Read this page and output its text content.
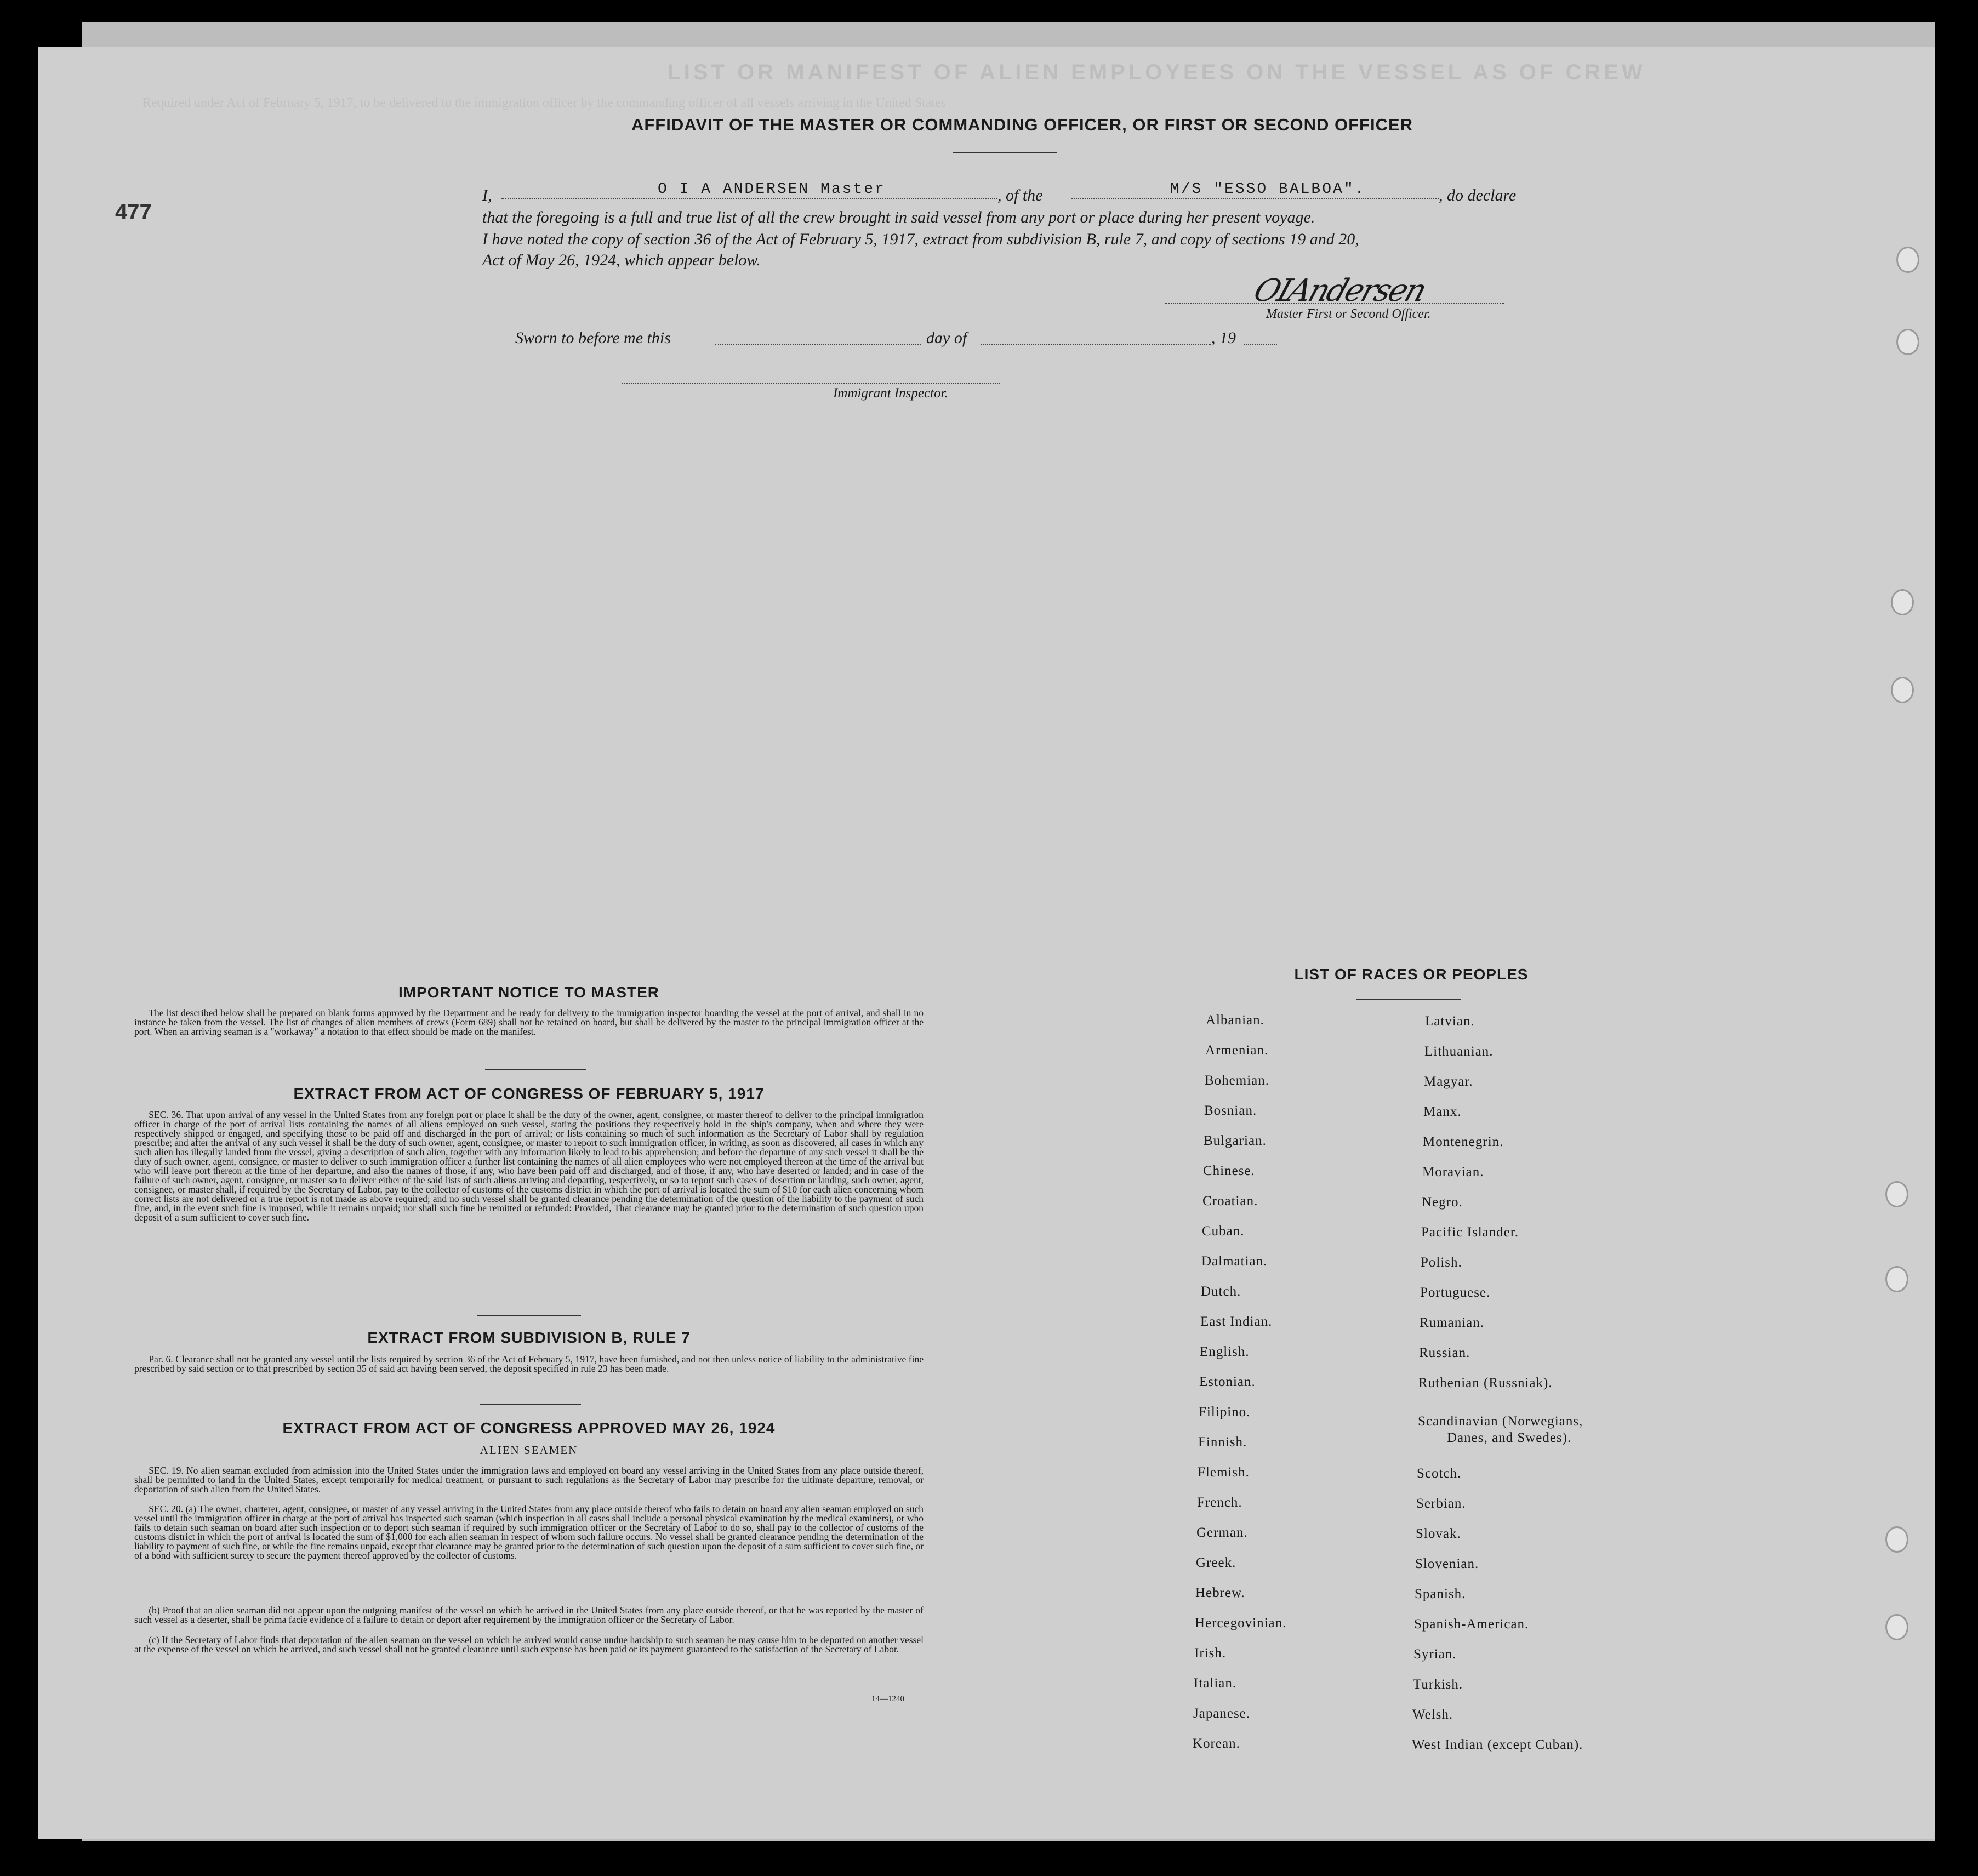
LIST OR MANIFEST OF ALIEN EMPLOYEES ON THE VESSEL AS OF CREW
Required under Act of February 5, 1917, to be delivered to the immigration officer by the commanding officer of all vessels arriving in the United States
477
AFFIDAVIT OF THE MASTER OR COMMANDING OFFICER, OR FIRST OR SECOND OFFICER
I,	O I A ANDERSEN Master	, of the	M/S "ESSO BALBOA".	, do declare
that the foregoing is a full and true list of all the crew brought in said vessel from any port or place during her present voyage.
I have noted the copy of section 36 of the Act of February 5, 1917, extract from subdivision B, rule 7, and copy of sections 19 and 20,
Act of May 26, 1924, which appear below.
OIAndersen
Master First or Second Officer.
Sworn to before me this	day of	, 19
Immigrant Inspector.
IMPORTANT NOTICE TO MASTER
The list described below shall be prepared on blank forms approved by the Department and be ready for delivery to the immigration inspector boarding the vessel at the port of arrival, and shall in no instance be taken from the vessel. The list of changes of alien members of crews (Form 689) shall not be retained on board, but shall be delivered by the master to the principal immigration officer at the port. When an arriving seaman is a "workaway" a notation to that effect should be made on the manifest.
EXTRACT FROM ACT OF CONGRESS OF FEBRUARY 5, 1917
SEC. 36. That upon arrival of any vessel in the United States from any foreign port or place it shall be the duty of the owner, agent, consignee, or master thereof to deliver to the principal immigration officer in charge of the port of arrival lists containing the names of all aliens employed on such vessel, stating the positions they respectively hold in the ship's company, when and where they were respectively shipped or engaged, and specifying those to be paid off and discharged in the port of arrival; or lists containing so much of such information as the Secretary of Labor shall by regulation prescribe; and after the arrival of any such vessel it shall be the duty of such owner, agent, consignee, or master to report to such immigration officer, in writing, as soon as discovered, all cases in which any such alien has illegally landed from the vessel, giving a description of such alien, together with any information likely to lead to his apprehension; and before the departure of any such vessel it shall be the duty of such owner, agent, consignee, or master to deliver to such immigration officer a further list containing the names of all alien employees who were not employed thereon at the time of the arrival but who will leave port thereon at the time of her departure, and also the names of those, if any, who have been paid off and discharged, and of those, if any, who have deserted or landed; and in case of the failure of such owner, agent, consignee, or master so to deliver either of the said lists of such aliens arriving and departing, respectively, or so to report such cases of desertion or landing, such owner, agent, consignee, or master shall, if required by the Secretary of Labor, pay to the collector of customs of the customs district in which the port of arrival is located the sum of $10 for each alien concerning whom correct lists are not delivered or a true report is not made as above required; and no such vessel shall be granted clearance pending the determination of the question of the liability to the payment of such fine, and, in the event such fine is imposed, while it remains unpaid; nor shall such fine be remitted or refunded: Provided, That clearance may be granted prior to the determination of such question upon deposit of a sum sufficient to cover such fine.
EXTRACT FROM SUBDIVISION B, RULE 7
Par. 6. Clearance shall not be granted any vessel until the lists required by section 36 of the Act of February 5, 1917, have been furnished, and not then unless notice of liability to the administrative fine prescribed by said section or to that prescribed by section 35 of said act having been served, the deposit specified in rule 23 has been made.
EXTRACT FROM ACT OF CONGRESS APPROVED MAY 26, 1924
ALIEN SEAMEN
SEC. 19. No alien seaman excluded from admission into the United States under the immigration laws and employed on board any vessel arriving in the United States from any place outside thereof, shall be permitted to land in the United States, except temporarily for medical treatment, or pursuant to such regulations as the Secretary of Labor may prescribe for the ultimate departure, removal, or deportation of such alien from the United States.
SEC. 20. (a) The owner, charterer, agent, consignee, or master of any vessel arriving in the United States from any place outside thereof who fails to detain on board any alien seaman employed on such vessel until the immigration officer in charge at the port of arrival has inspected such seaman (which inspection in all cases shall include a personal physical examination by the medical examiners), or who fails to detain such seaman on board after such inspection or to deport such seaman if required by such immigration officer or the Secretary of Labor to do so, shall pay to the collector of customs of the customs district in which the port of arrival is located the sum of $1,000 for each alien seaman in respect of whom such failure occurs. No vessel shall be granted clearance pending the determination of the liability to payment of such fine, or while the fine remains unpaid, except that clearance may be granted prior to the determination of such question upon the deposit of a sum sufficient to cover such fine, or of a bond with sufficient surety to secure the payment thereof approved by the collector of customs.
(b) Proof that an alien seaman did not appear upon the outgoing manifest of the vessel on which he arrived in the United States from any place outside thereof, or that he was reported by the master of such vessel as a deserter, shall be prima facie evidence of a failure to detain or deport after requirement by the immigration officer or the Secretary of Labor.
(c) If the Secretary of Labor finds that deportation of the alien seaman on the vessel on which he arrived would cause undue hardship to such seaman he may cause him to be deported on another vessel at the expense of the vessel on which he arrived, and such vessel shall not be granted clearance until such expense has been paid or its payment guaranteed to the satisfaction of the Secretary of Labor.
14—1240
LIST OF RACES OR PEOPLES
Albanian.
Armenian.
Bohemian.
Bosnian.
Bulgarian.
Chinese.
Croatian.
Cuban.
Dalmatian.
Dutch.
East Indian.
English.
Estonian.
Filipino.
Finnish.
Flemish.
French.
German.
Greek.
Hebrew.
Hercegovinian.
Irish.
Italian.
Japanese.
Korean.
Latvian.
Lithuanian.
Magyar.
Manx.
Montenegrin.
Moravian.
Negro.
Pacific Islander.
Polish.
Portuguese.
Rumanian.
Russian.
Ruthenian (Russniak).
Scandinavian (Norwegians,
Danes, and Swedes).
Scotch.
Serbian.
Slovak.
Slovenian.
Spanish.
Spanish-American.
Syrian.
Turkish.
Welsh.
West Indian (except Cuban).
